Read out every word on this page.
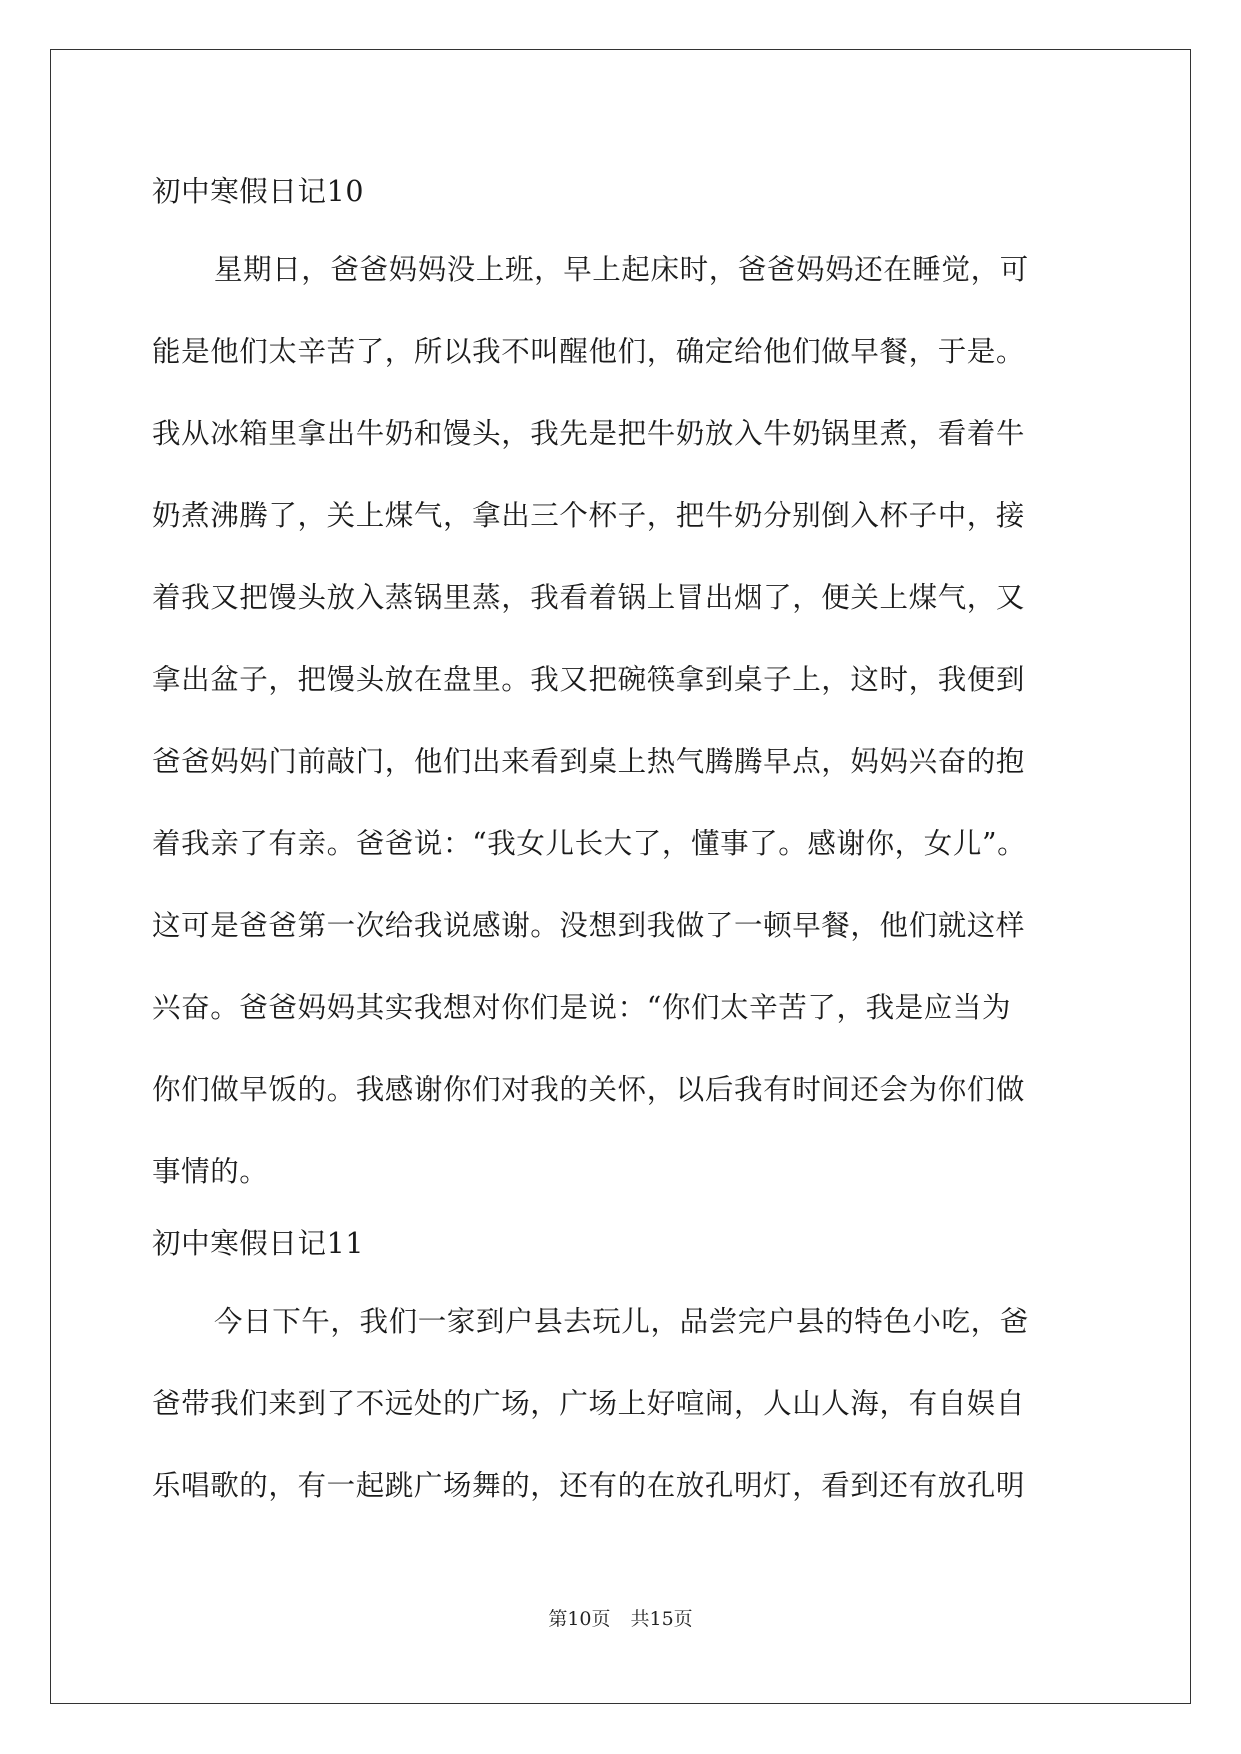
初中寒假日记10
星期日，爸爸妈妈没上班，早上起床时，爸爸妈妈还在睡觉，可
能是他们太辛苦了，所以我不叫醒他们，确定给他们做早餐，于是。
我从冰箱里拿出牛奶和馒头，我先是把牛奶放入牛奶锅里煮，看着牛
奶煮沸腾了，关上煤气，拿出三个杯子，把牛奶分别倒入杯子中，接
着我又把馒头放入蒸锅里蒸，我看着锅上冒出烟了，便关上煤气，又
拿出盆子，把馒头放在盘里。我又把碗筷拿到桌子上，这时，我便到
爸爸妈妈门前敲门，他们出来看到桌上热气腾腾早点，妈妈兴奋的抱
着我亲了有亲。爸爸说：“我女儿长大了，懂事了。感谢你，女儿”。
这可是爸爸第一次给我说感谢。没想到我做了一顿早餐，他们就这样
兴奋。爸爸妈妈其实我想对你们是说：“你们太辛苦了，我是应当为
你们做早饭的。我感谢你们对我的关怀，以后我有时间还会为你们做
事情的。
初中寒假日记11
今日下午，我们一家到户县去玩儿，品尝完户县的特色小吃，爸
爸带我们来到了不远处的广场，广场上好喧闹，人山人海，有自娱自
乐唱歌的，有一起跳广场舞的，还有的在放孔明灯，看到还有放孔明
第10页 共15页
